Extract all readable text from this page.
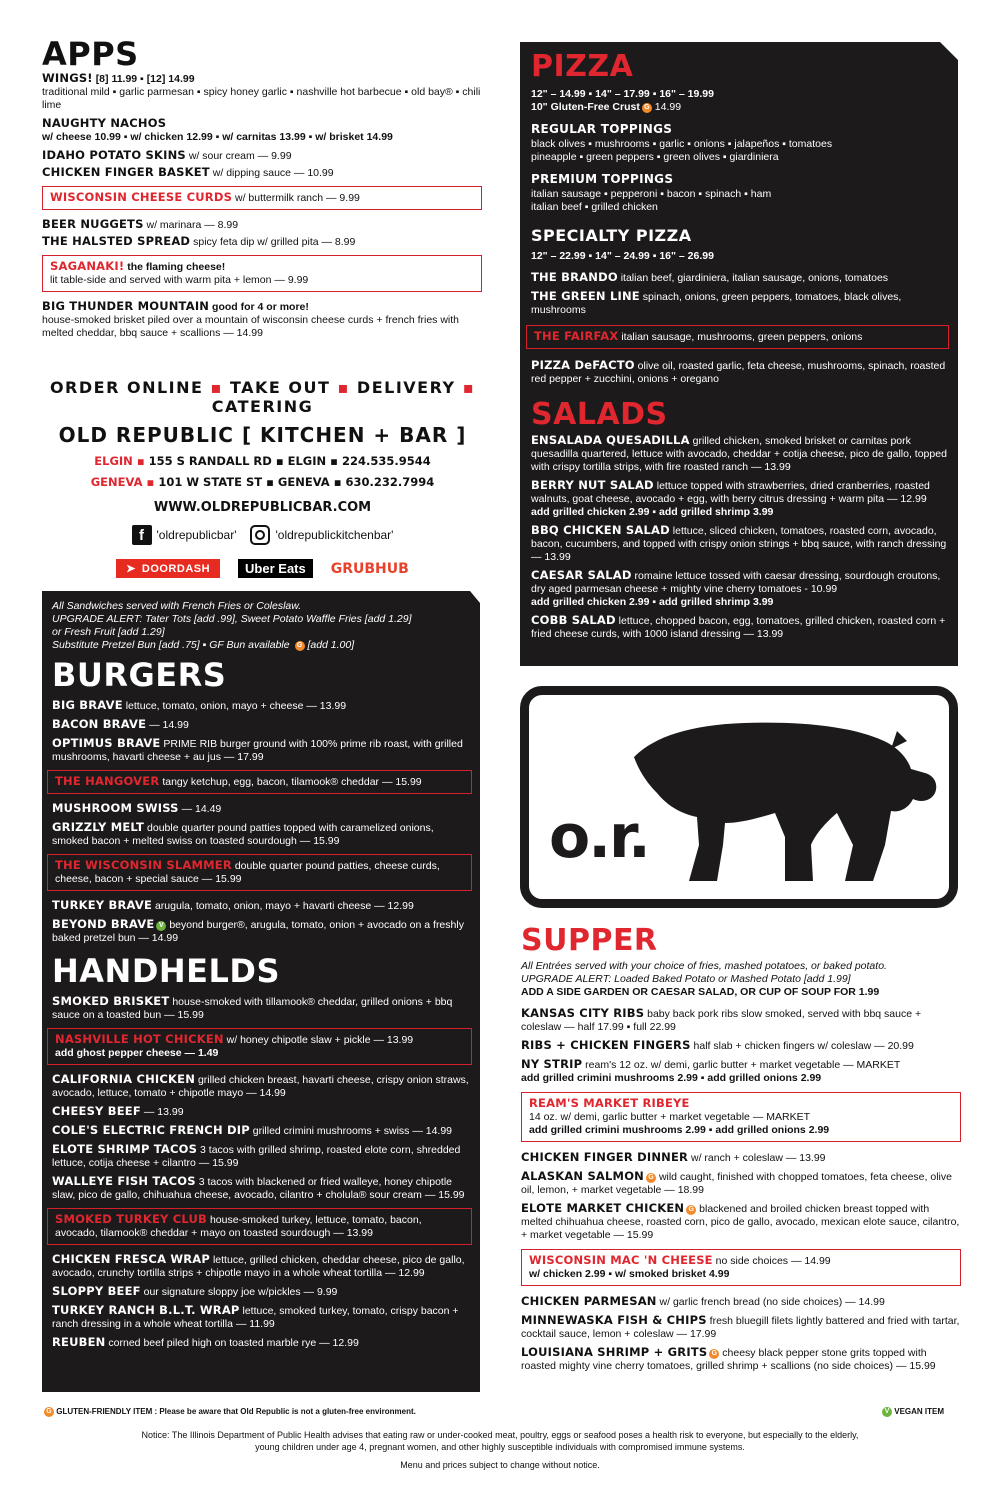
APPS
WINGS! [8] 11.99 ▪ [12] 14.99
traditional mild ▪ garlic parmesan ▪ spicy honey garlic ▪ nashville hot barbecue ▪ old bay® ▪ chili lime
NAUGHTY NACHOS
w/ cheese 10.99 ▪ w/ chicken 12.99 ▪ w/ carnitas 13.99 ▪ w/ brisket 14.99
IDAHO POTATO SKINS w/ sour cream — 9.99
CHICKEN FINGER BASKET w/ dipping sauce — 10.99
WISCONSIN CHEESE CURDS w/ buttermilk ranch — 9.99
BEER NUGGETS w/ marinara — 8.99
THE HALSTED SPREAD spicy feta dip w/ grilled pita — 8.99
SAGANAKI! the flaming cheese!
lit table-side and served with warm pita + lemon — 9.99
BIG THUNDER MOUNTAIN good for 4 or more!
house-smoked brisket piled over a mountain of wisconsin cheese curds + french fries with melted cheddar, bbq sauce + scallions — 14.99
ORDER ONLINE ▪ TAKE OUT ▪ DELIVERY ▪ CATERING
OLD REPUBLIC [ KITCHEN + BAR ]
ELGIN ▪ 155 S RANDALL RD ▪ ELGIN ▪ 224.535.9544
GENEVA ▪ 101 W STATE ST ▪ GENEVA ▪ 630.232.7994
WWW.OLDREPUBLICBAR.COM
f	'oldrepublicbar'	'oldrepublickitchenbar'
➤ DOORDASH	Uber Eats	GRUBHUB
All Sandwiches served with French Fries or Coleslaw.
UPGRADE ALERT: Tater Tots [add .99], Sweet Potato Waffle Fries [add 1.29]
or Fresh Fruit [add 1.29]
Substitute Pretzel Bun [add .75] ▪ GF Bun available G [add 1.00]
BURGERS
BIG BRAVE lettuce, tomato, onion, mayo + cheese — 13.99
BACON BRAVE — 14.99
OPTIMUS BRAVE PRIME RIB burger ground with 100% prime rib roast, with grilled mushrooms, havarti cheese + au jus — 17.99
THE HANGOVER tangy ketchup, egg, bacon, tilamook® cheddar — 15.99
MUSHROOM SWISS — 14.49
GRIZZLY MELT double quarter pound patties topped with caramelized onions, smoked bacon + melted swiss on toasted sourdough — 15.99
THE WISCONSIN SLAMMER double quarter pound patties, cheese curds, cheese, bacon + special sauce — 15.99
TURKEY BRAVE arugula, tomato, onion, mayo + havarti cheese — 12.99
BEYOND BRAVE V beyond burger®, arugula, tomato, onion + avocado on a freshly baked pretzel bun — 14.99
HANDHELDS
SMOKED BRISKET house-smoked with tillamook® cheddar, grilled onions + bbq sauce on a toasted bun — 15.99
NASHVILLE HOT CHICKEN w/ honey chipotle slaw + pickle — 13.99
add ghost pepper cheese — 1.49
CALIFORNIA CHICKEN grilled chicken breast, havarti cheese, crispy onion straws, avocado, lettuce, tomato + chipotle mayo — 14.99
CHEESY BEEF — 13.99
COLE'S ELECTRIC FRENCH DIP grilled crimini mushrooms + swiss — 14.99
ELOTE SHRIMP TACOS 3 tacos with grilled shrimp, roasted elote corn, shredded lettuce, cotija cheese + cilantro — 15.99
WALLEYE FISH TACOS 3 tacos with blackened or fried walleye, honey chipotle slaw, pico de gallo, chihuahua cheese, avocado, cilantro + cholula® sour cream — 15.99
SMOKED TURKEY CLUB house-smoked turkey, lettuce, tomato, bacon, avocado, tilamook® cheddar + mayo on toasted sourdough — 13.99
CHICKEN FRESCA WRAP lettuce, grilled chicken, cheddar cheese, pico de gallo, avocado, crunchy tortilla strips + chipotle mayo in a whole wheat tortilla — 12.99
SLOPPY BEEF our signature sloppy joe w/pickles — 9.99
TURKEY RANCH B.L.T. WRAP lettuce, smoked turkey, tomato, crispy bacon + ranch dressing in a whole wheat tortilla — 11.99
REUBEN corned beef piled high on toasted marble rye — 12.99
PIZZA
12" – 14.99 ▪ 14" – 17.99 ▪ 16" – 19.99
10" Gluten-Free Crust G 14.99
REGULAR TOPPINGS
black olives ▪ mushrooms ▪ garlic ▪ onions ▪ jalapeños ▪ tomatoes
pineapple ▪ green peppers ▪ green olives ▪ giardiniera
PREMIUM TOPPINGS
italian sausage ▪ pepperoni ▪ bacon ▪ spinach ▪ ham
italian beef ▪ grilled chicken
SPECIALTY PIZZA
12" – 22.99 ▪ 14" – 24.99 ▪ 16" – 26.99
THE BRANDO italian beef, giardiniera, italian sausage, onions, tomatoes
THE GREEN LINE spinach, onions, green peppers, tomatoes, black olives, mushrooms
THE FAIRFAX italian sausage, mushrooms, green peppers, onions
PIZZA DeFACTO olive oil, roasted garlic, feta cheese, mushrooms, spinach, roasted red pepper + zucchini, onions + oregano
SALADS
ENSALADA QUESADILLA grilled chicken, smoked brisket or carnitas pork quesadilla quartered, lettuce with avocado, cheddar + cotija cheese, pico de gallo, topped with crispy tortilla strips, with fire roasted ranch — 13.99
BERRY NUT SALAD lettuce topped with strawberries, dried cranberries, roasted walnuts, goat cheese, avocado + egg, with berry citrus dressing + warm pita — 12.99
add grilled chicken 2.99 ▪ add grilled shrimp 3.99
BBQ CHICKEN SALAD lettuce, sliced chicken, tomatoes, roasted corn, avocado, bacon, cucumbers, and topped with crispy onion strings + bbq sauce, with ranch dressing — 13.99
CAESAR SALAD romaine lettuce tossed with caesar dressing, sourdough croutons, dry aged parmesan cheese + mighty vine cherry tomatoes - 10.99
add grilled chicken 2.99 ▪ add grilled shrimp 3.99
COBB SALAD lettuce, chopped bacon, egg, tomatoes, grilled chicken, roasted corn + fried cheese curds, with 1000 island dressing — 13.99
o.r.
SUPPER
All Entrées served with your choice of fries, mashed potatoes, or baked potato.
UPGRADE ALERT: Loaded Baked Potato or Mashed Potato [add 1.99]
ADD A SIDE GARDEN OR CAESAR SALAD, OR CUP OF SOUP FOR 1.99
KANSAS CITY RIBS baby back pork ribs slow smoked, served with bbq sauce + coleslaw — half 17.99 ▪ full 22.99
RIBS + CHICKEN FINGERS half slab + chicken fingers w/ coleslaw — 20.99
NY STRIP ream's 12 oz. w/ demi, garlic butter + market vegetable — MARKET
add grilled crimini mushrooms 2.99 ▪ add grilled onions 2.99
REAM'S MARKET RIBEYE
14 oz. w/ demi, garlic butter + market vegetable — MARKET
add grilled crimini mushrooms 2.99 ▪ add grilled onions 2.99
CHICKEN FINGER DINNER w/ ranch + coleslaw — 13.99
ALASKAN SALMON G wild caught, finished with chopped tomatoes, feta cheese, olive oil, lemon, + market vegetable — 18.99
ELOTE MARKET CHICKEN G blackened and broiled chicken breast topped with melted chihuahua cheese, roasted corn, pico de gallo, avocado, mexican elote sauce, cilantro, + market vegetable — 15.99
WISCONSIN MAC 'N CHEESE no side choices — 14.99
w/ chicken 2.99 ▪ w/ smoked brisket 4.99
CHICKEN PARMESAN w/ garlic french bread (no side choices) — 14.99
MINNEWASKA FISH & CHIPS fresh bluegill filets lightly battered and fried with tartar, cocktail sauce, lemon + coleslaw — 17.99
LOUISIANA SHRIMP + GRITS G cheesy black pepper stone grits topped with roasted mighty vine cherry tomatoes, grilled shrimp + scallions (no side choices) — 15.99
G GLUTEN-FRIENDLY ITEM : Please be aware that Old Republic is not a gluten-free environment.	V VEGAN ITEM
Notice: The Illinois Department of Public Health advises that eating raw or under-cooked meat, poultry, eggs or seafood poses a health risk to everyone, but especially to the elderly, young children under age 4, pregnant women, and other highly susceptible individuals with compromised immune systems.
Menu and prices subject to change without notice.
